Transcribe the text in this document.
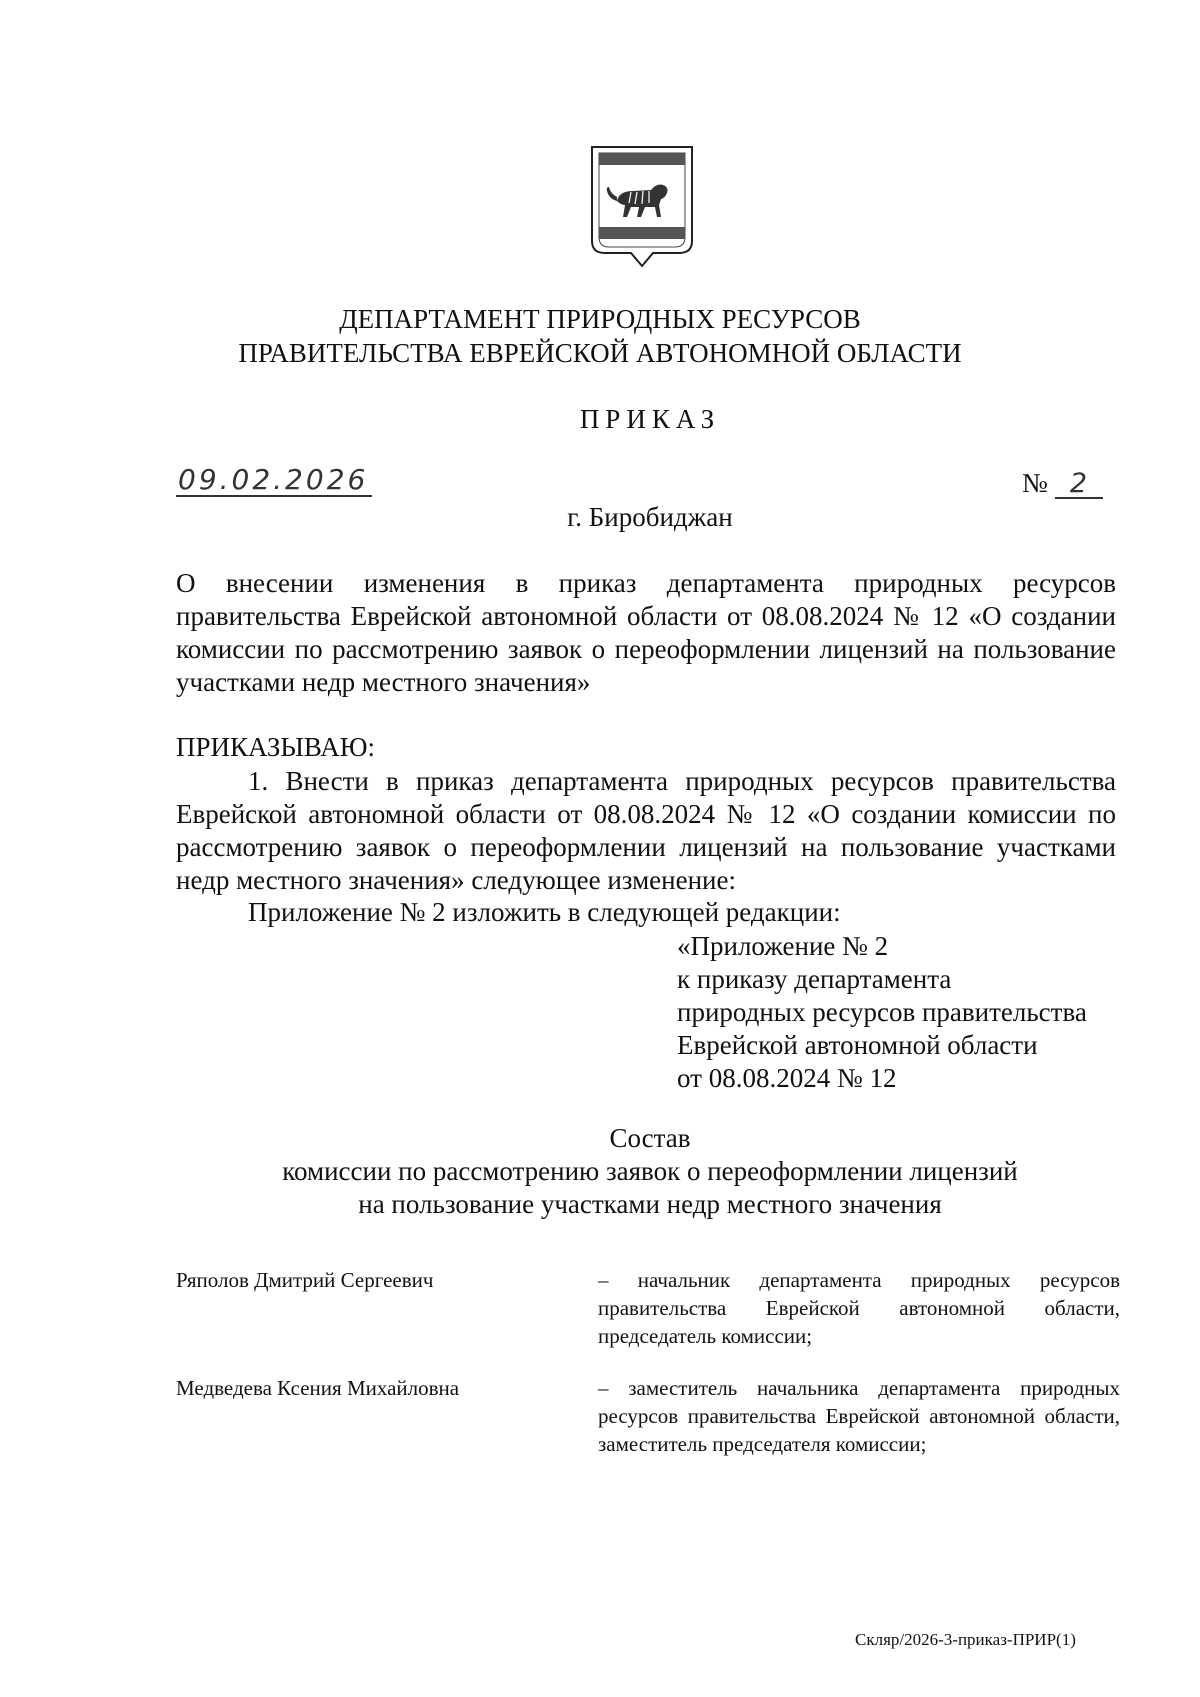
ДЕПАРТАМЕНТ ПРИРОДНЫХ РЕСУРСОВ
ПРАВИТЕЛЬСТВА ЕВРЕЙСКОЙ АВТОНОМНОЙ ОБЛАСТИ
ПРИКАЗ
09.02.2026	№ 2
г. Биробиджан
О внесении изменения в приказ департамента природных ресурсов правительства Еврейской автономной области от 08.08.2024 № 12 «О создании комиссии по рассмотрению заявок о переоформлении лицензий на пользование участками недр местного значения»
ПРИКАЗЫВАЮ:
1. Внести в приказ департамента природных ресурсов правительства Еврейской автономной области от 08.08.2024 № 12 «О создании комиссии по рассмотрению заявок о переоформлении лицензий на пользование участками недр местного значения» следующее изменение:
Приложение № 2 изложить в следующей редакции:
«Приложение № 2
к приказу департамента
природных ресурсов правительства
Еврейской автономной области
от 08.08.2024 № 12
Состав
комиссии по рассмотрению заявок о переоформлении лицензий
на пользование участками недр местного значения
Ряполов Дмитрий Сергеевич	– начальник департамента природных ресурсов правительства Еврейской автономной области, председатель комиссии;
Медведева Ксения Михайловна	– заместитель начальника департамента природных ресурсов правительства Еврейской автономной области, заместитель председателя комиссии;
Скляр/2026-3-приказ-ПРИР(1)
